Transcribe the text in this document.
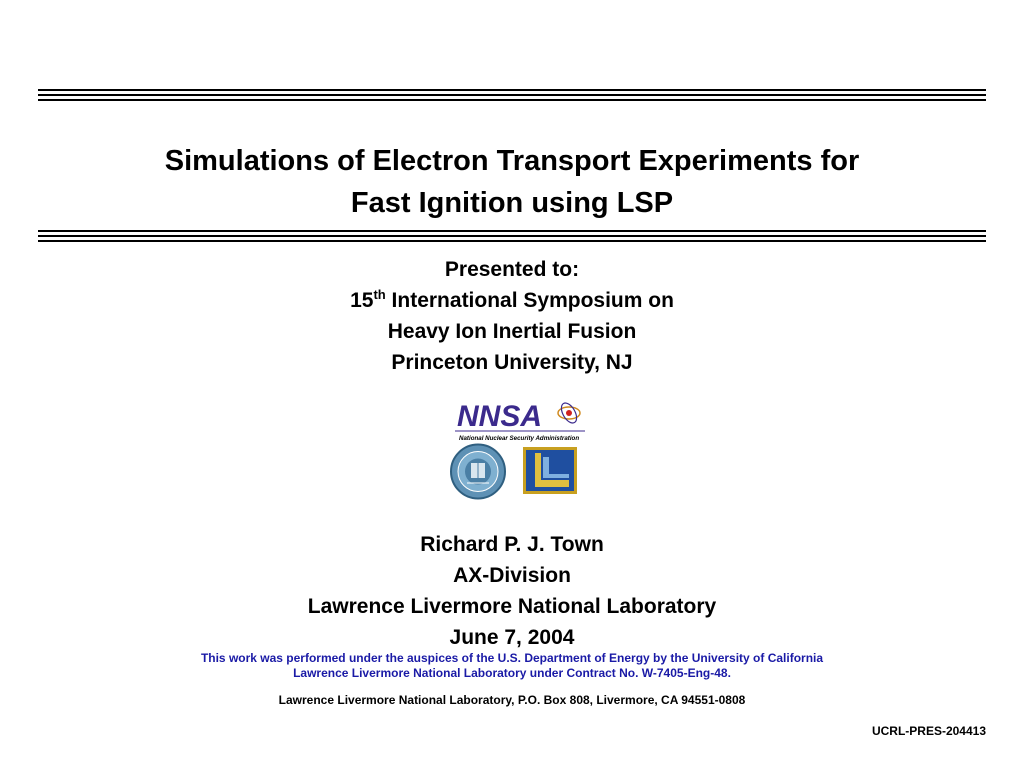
Simulations of Electron Transport Experiments for
Fast Ignition using LSP
Presented to:
15th International Symposium on
Heavy Ion Inertial Fusion
Princeton University, NJ
NNSA
National Nuclear Security Administration
Richard P. J. Town
AX-Division
Lawrence Livermore National Laboratory
June 7, 2004
This work was performed under the auspices of the U.S. Department of Energy by the University of California
Lawrence Livermore National Laboratory under Contract No. W-7405-Eng-48.
Lawrence Livermore National Laboratory, P.O. Box 808, Livermore, CA 94551-0808
UCRL-PRES-204413
